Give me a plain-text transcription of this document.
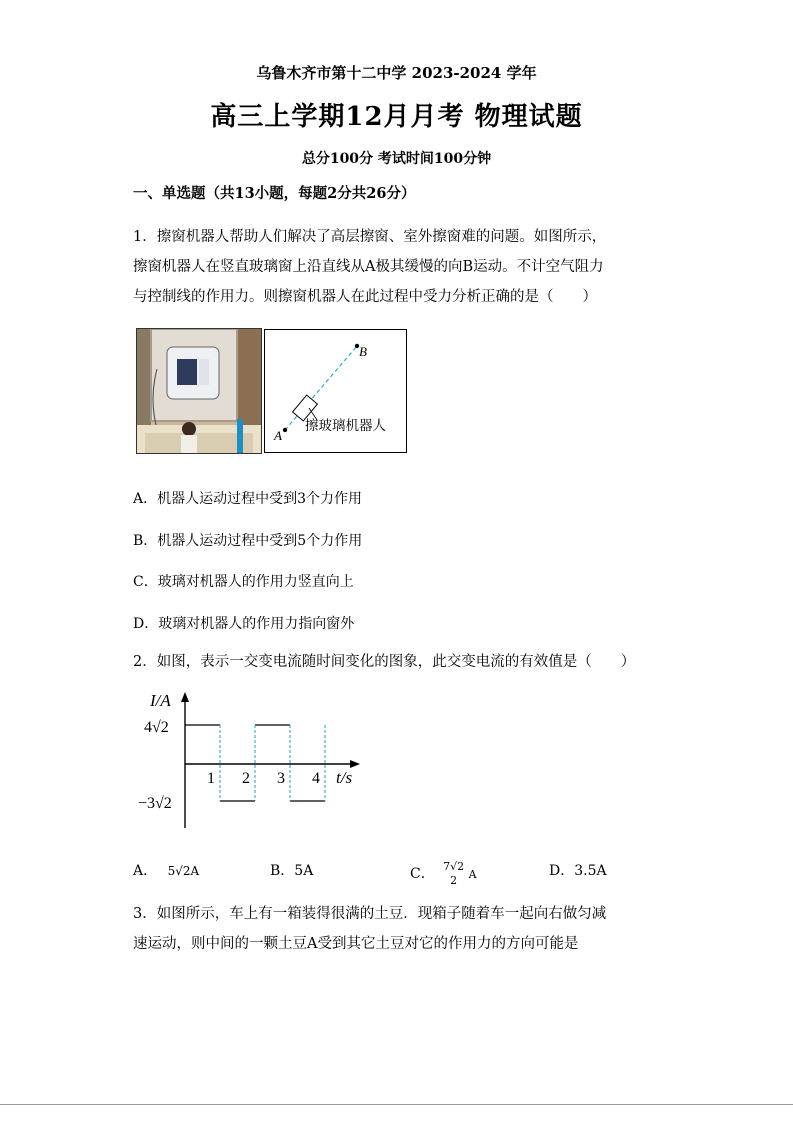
乌鲁木齐市第十二中学 2023-2024 学年
高三上学期12月月考 物理试题
总分100分 考试时间100分钟
一、单选题（共13小题，每题2分共26分）
1．擦窗机器人帮助人们解决了高层擦窗、室外擦窗难的问题。如图所示，
擦窗机器人在竖直玻璃窗上沿直线从A极其缓慢的向B运动。不计空气阻力
与控制线的作用力。则擦窗机器人在此过程中受力分析正确的是（　　）
B
A
擦玻璃机器人
A．机器人运动过程中受到3个力作用
B．机器人运动过程中受到5个力作用
C．玻璃对机器人的作用力竖直向上
D．玻璃对机器人的作用力指向窗外
2．如图，表示一交变电流随时间变化的图象，此交变电流的有效值是（　　）
I/A
4√2
−3√2
1 2 3 4 t/s
A． 5√2A	B．5A	C． 7√2
2	A	D．3.5A
3．如图所示，车上有一箱装得很满的土豆．现箱子随着车一起向右做匀减
速运动，则中间的一颗土豆A受到其它土豆对它的作用力的方向可能是
